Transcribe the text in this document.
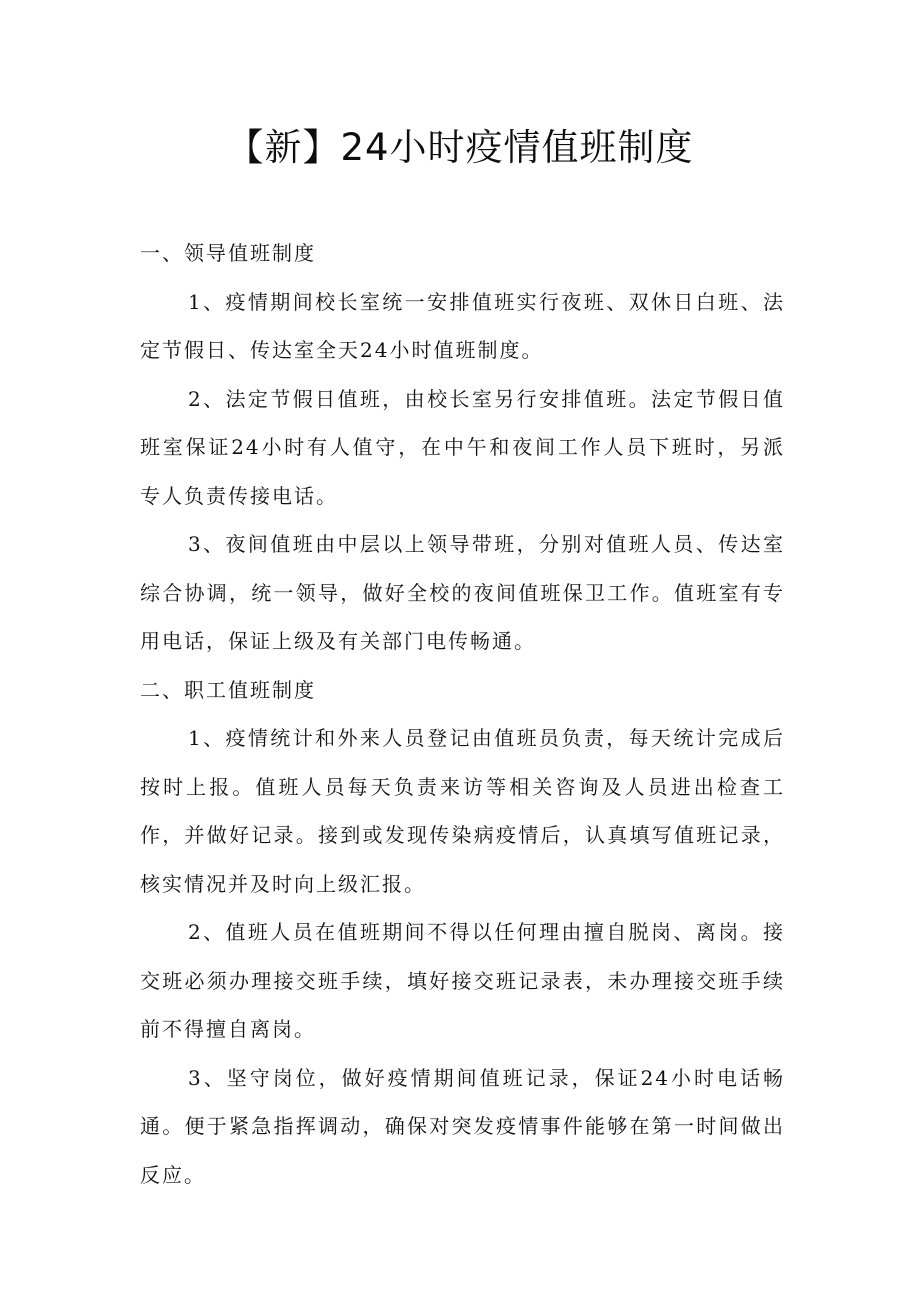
【新】24小时疫情值班制度
一、领导值班制度

1、疫情期间校长室统一安排值班实行夜班、双休日白班、法定节假日、传达室全天24小时值班制度。

2、法定节假日值班，由校长室另行安排值班。法定节假日值班室保证24小时有人值守，在中午和夜间工作人员下班时，另派专人负责传接电话。

3、夜间值班由中层以上领导带班，分别对值班人员、传达室综合协调，统一领导，做好全校的夜间值班保卫工作。值班室有专用电话，保证上级及有关部门电传畅通。

二、职工值班制度

1、疫情统计和外来人员登记由值班员负责，每天统计完成后按时上报。值班人员每天负责来访等相关咨询及人员进出检查工作，并做好记录。接到或发现传染病疫情后，认真填写值班记录，核实情况并及时向上级汇报。

2、值班人员在值班期间不得以任何理由擅自脱岗、离岗。接交班必须办理接交班手续，填好接交班记录表，未办理接交班手续前不得擅自离岗。

3、坚守岗位，做好疫情期间值班记录，保证24小时电话畅通。便于紧急指挥调动，确保对突发疫情事件能够在第一时间做出反应。
